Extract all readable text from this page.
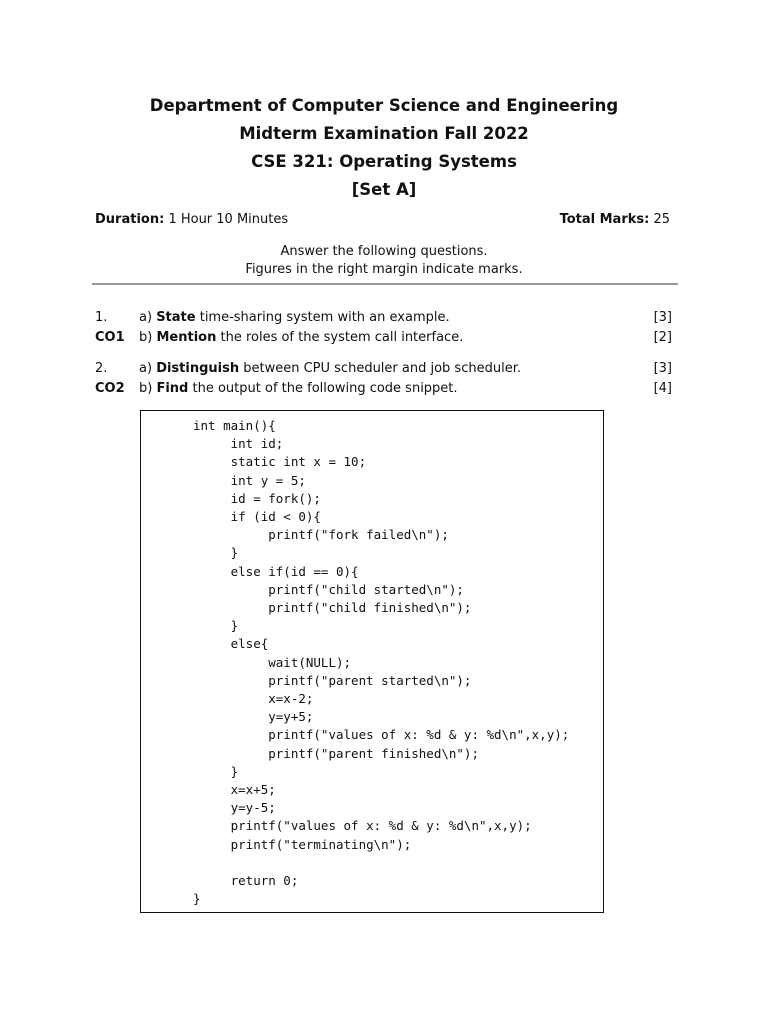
Department of Computer Science and Engineering
Midterm Examination Fall 2022
CSE 321: Operating Systems
[Set A]
Duration: 1 Hour 10 Minutes	Total Marks: 25
Answer the following questions.
Figures in the right margin indicate marks.
1.	a) State time-sharing system with an example.	[3]
CO1	b) Mention the roles of the system call interface.	[2]
2.	a) Distinguish between CPU scheduler and job scheduler.	[3]
CO2	b) Find the output of the following code snippet.	[4]
int main(){
int id;
static int x = 10;
int y = 5;
id = fork();
if (id < 0){
printf("fork failed\n");
}
else if(id == 0){
printf("child started\n");
printf("child finished\n");
}
else{
wait(NULL);
printf("parent started\n");
x=x-2;
y=y+5;
printf("values of x: %d & y: %d\n",x,y);
printf("parent finished\n");
}
x=x+5;
y=y-5;
printf("values of x: %d & y: %d\n",x,y);
printf("terminating\n");

return 0;
}
